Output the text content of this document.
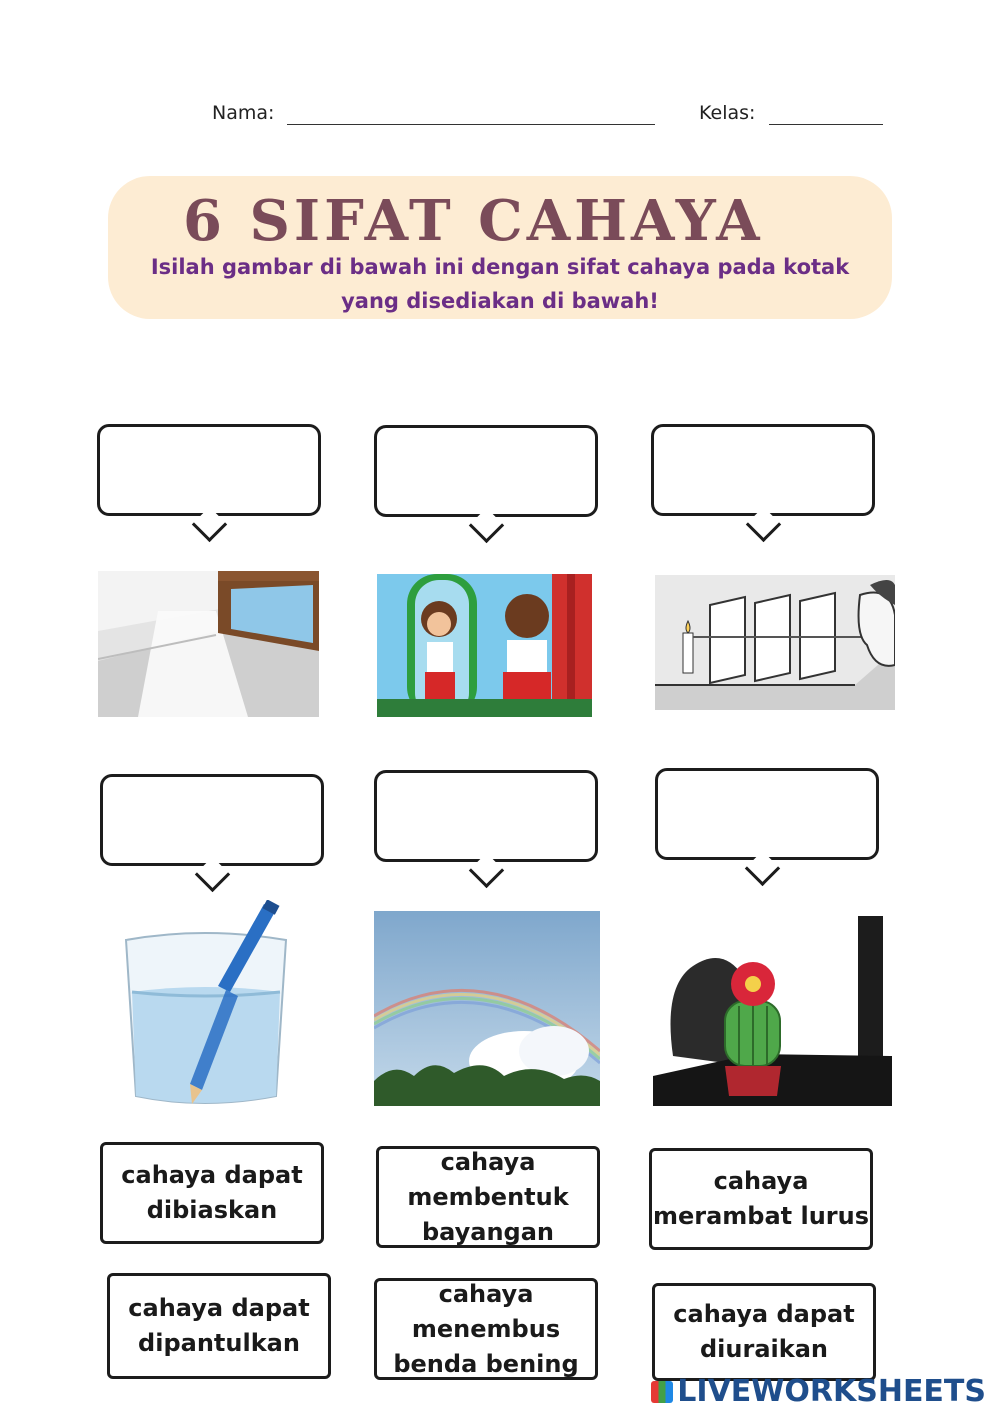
Nama:	Kelas:
6 SIFAT CAHAYA
Isilah gambar di bawah ini dengan sifat cahaya pada kotak
yang disediakan di bawah!
cahaya dapat dibiaskan
cahaya membentuk bayangan
cahaya merambat lurus
cahaya dapat dipantulkan
cahaya menembus benda bening
cahaya dapat diuraikan
LIVEWORKSHEETS
